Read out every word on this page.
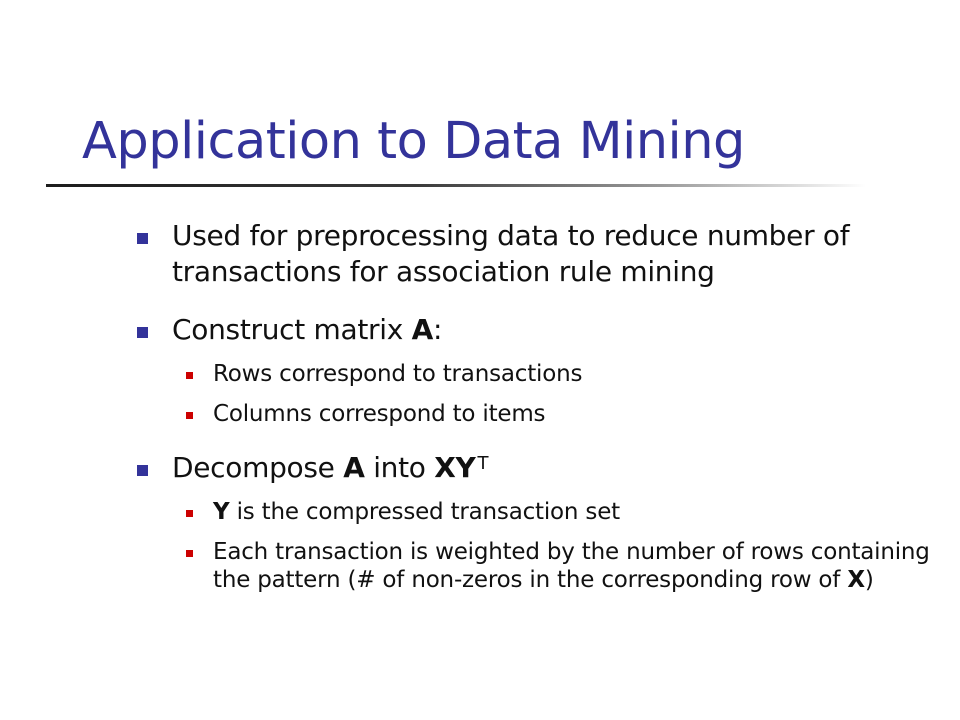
Application to Data Mining
Used for preprocessing data to reduce number of transactions for association rule mining
Construct matrix A:
Rows correspond to transactions
Columns correspond to items
Decompose A into XY $^T$
Y is the compressed transaction set
Each transaction is weighted by the number of rows containing the pattern (# of non-zeros in the corresponding row of X)
